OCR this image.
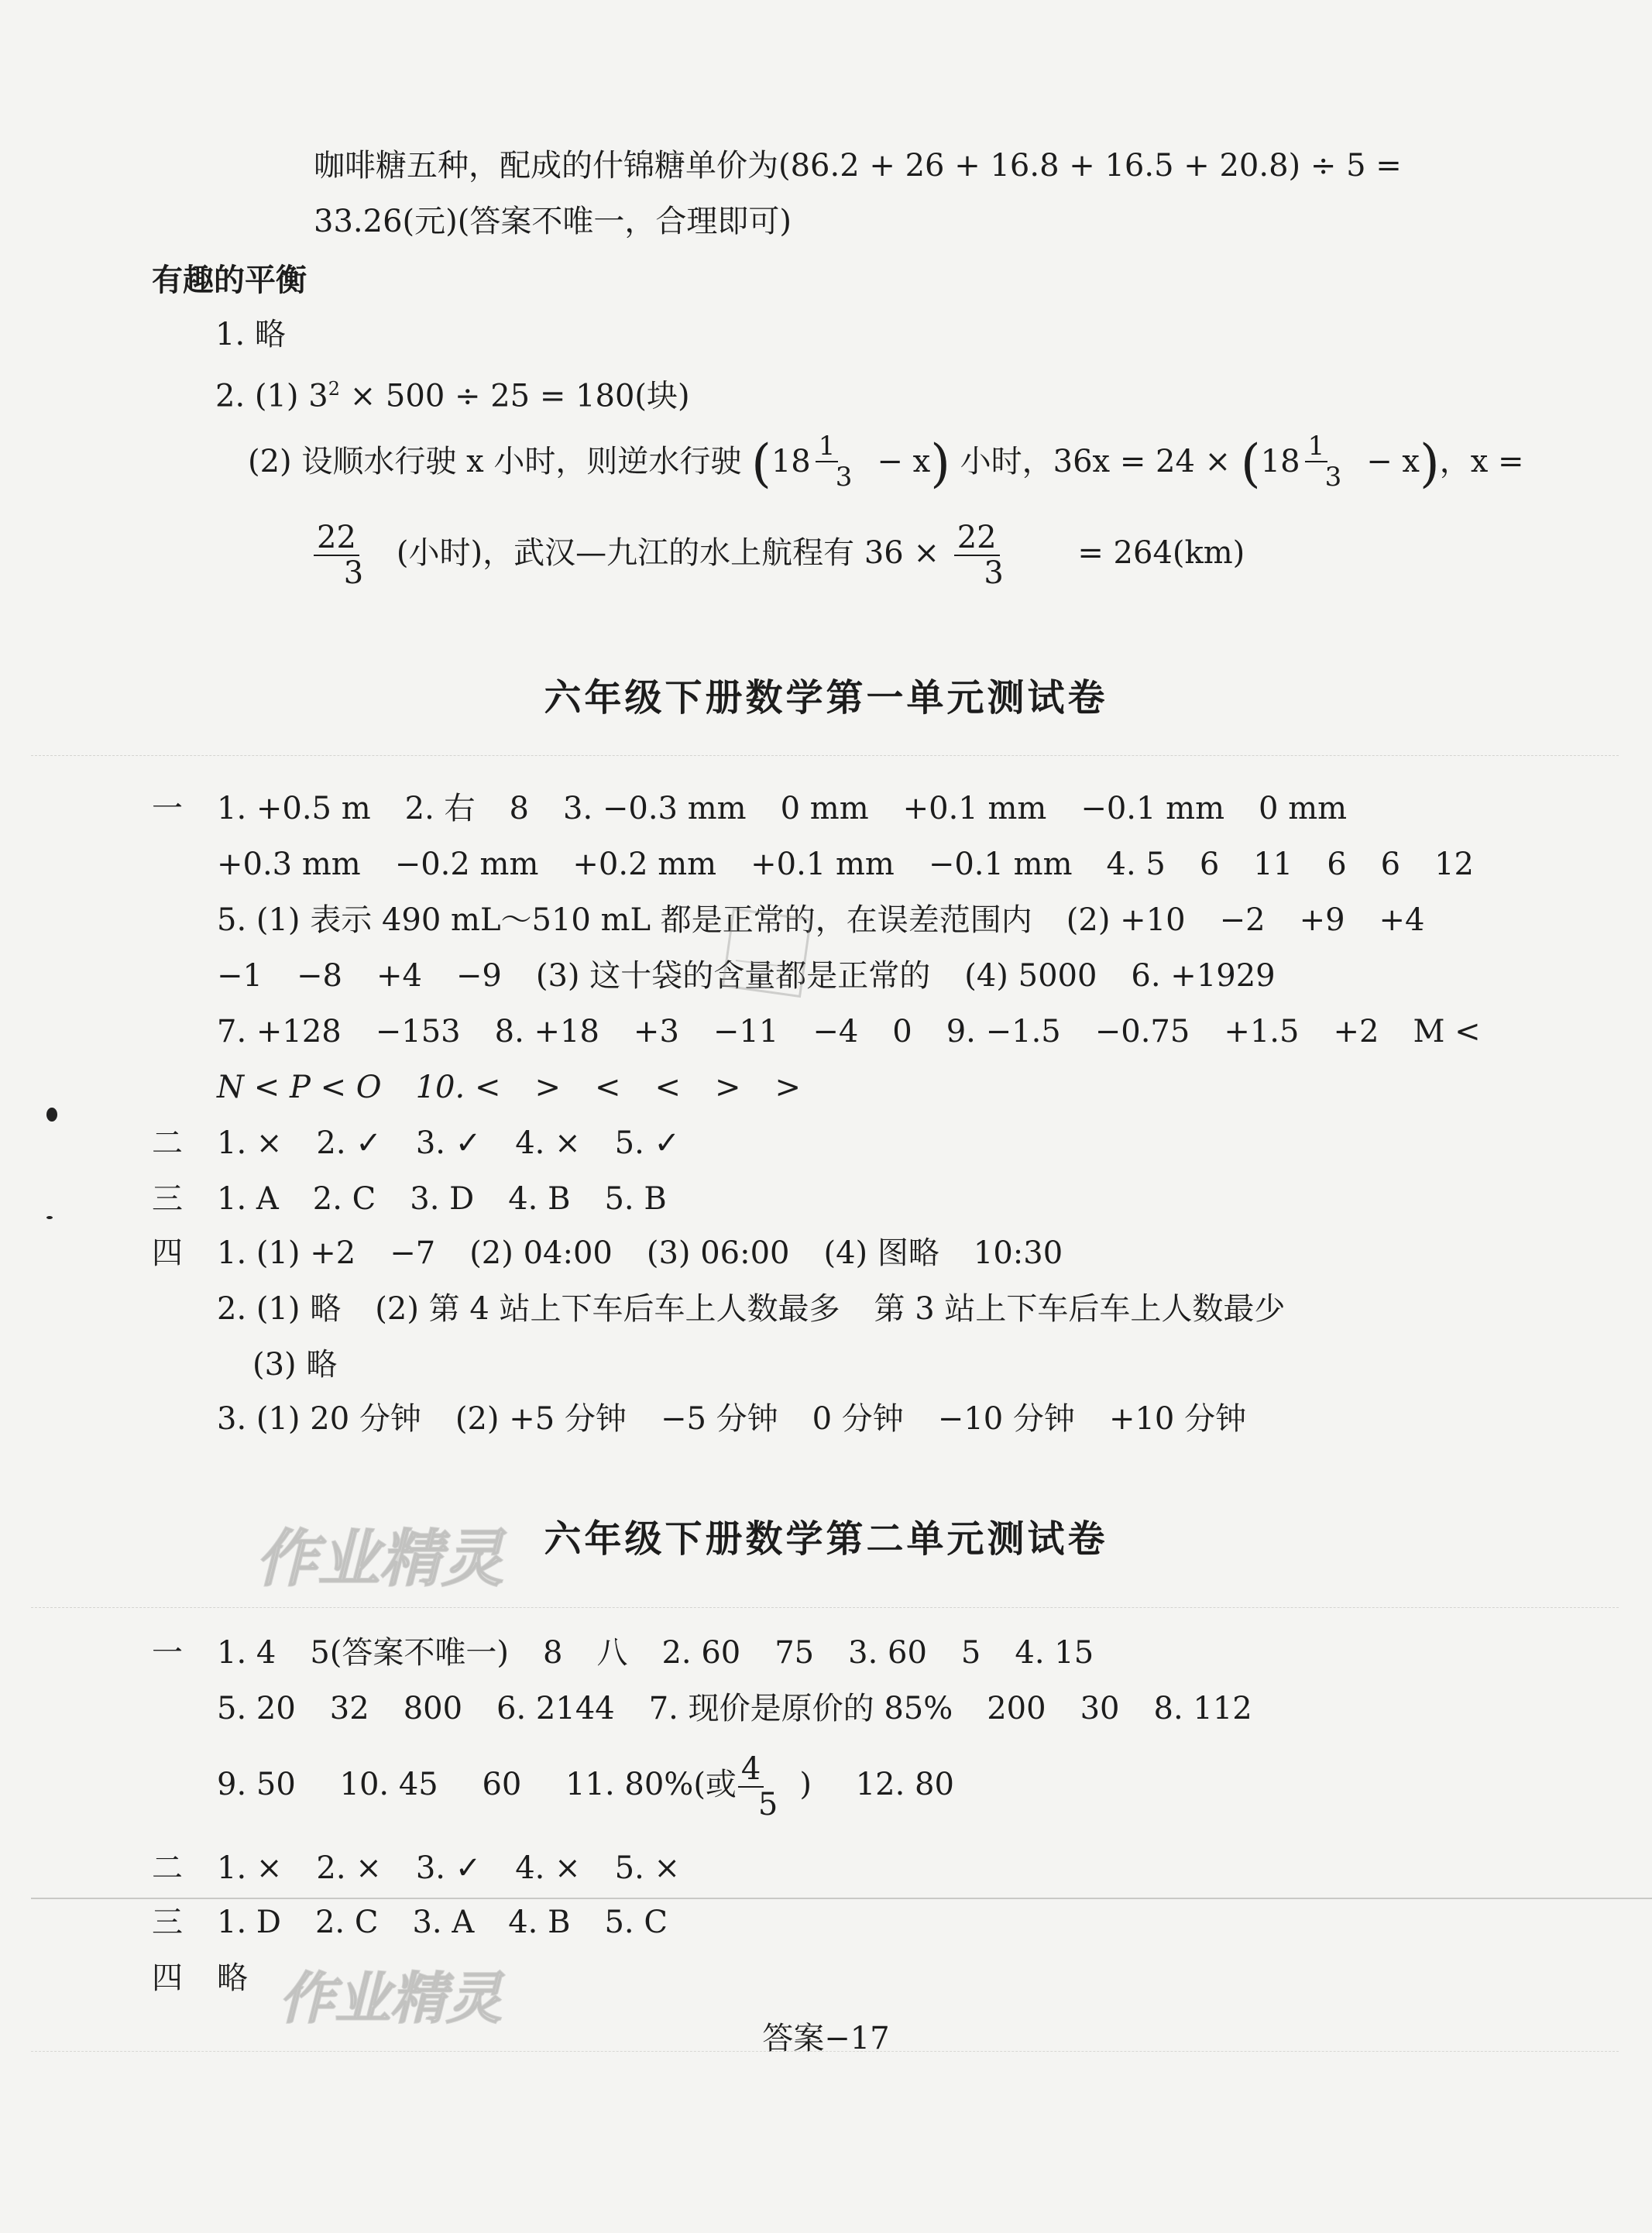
咖啡糖五种，配成的什锦糖单价为(86.2 + 26 + 16.8 + 16.5 + 20.8) ÷ 5 =
33.26(元)(答案不唯一，合理即可)
有趣的平衡
1. 略
2. (1) $3^2 \times 500 \div 25 = 180$(块)
(2) 设顺水行驶 x 小时，则逆水行驶 ( $18 \frac{1}{3} - x$ ) 小时，36x = 24 × ( $18 \frac{1}{3} - x$ )，x =
$\frac{22}{3}$ (小时)，武汉—九江的水上航程有 $36 \times \frac{22}{3} = 264(km)$
六年级下册数学第一单元测试卷
一 1. +0.5 m 2. 右 8 3. −0.3 mm 0 mm +0.1 mm −0.1 mm 0 mm
+0.3 mm −0.2 mm +0.2 mm +0.1 mm −0.1 mm 4. 5 6 11 6 6 12
5. (1) 表示 490 mL～510 mL 都是正常的，在误差范围内 (2) +10 −2 +9 +4
−1 −8 +4 −9 (3) 这十袋的含量都是正常的 (4) 5000 6. +1929
7. +128 −153 8. +18 +3 −11 −4 0 9. −1.5 −0.75 +1.5 +2 M <
N < P < O 10. < > < < > >
二 1. × 2. ✓ 3. ✓ 4. × 5. ✓
三 1. A 2. C 3. D 4. B 5. B
四 1. (1) +2 −7 (2) 04:00 (3) 06:00 (4) 图略 10:30
2. (1) 略 (2) 第 4 站上下车后车上人数最多 第 3 站上下车后车上人数最少
(3) 略
3. (1) 20 分钟 (2) +5 分钟 −5 分钟 0 分钟 −10 分钟 +10 分钟
作业精灵	六年级下册数学第二单元测试卷
一 1. 4 5(答案不唯一) 8 八 2. 60 75 3. 60 5 4. 15
5. 20 32 800 6. 2144 7. 现价是原价的 85% 200 30 8. 112
9. 50 10. 45 60 11. 80%(或 $\frac{4}{5}$ ) 12. 80
二 1. × 2. × 3. ✓ 4. × 5. ×
三 1. D 2. C 3. A 4. B 5. C
四 略 作业精灵
答案−17
